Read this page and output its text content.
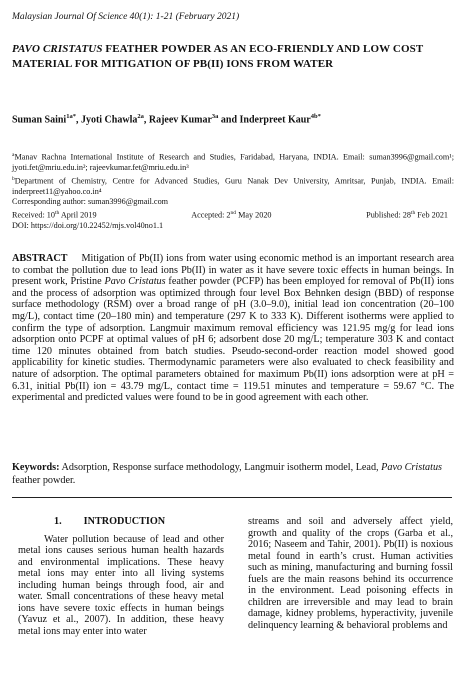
Malaysian Journal Of Science 40(1): 1-21 (February 2021)
PAVO CRISTATUS FEATHER POWDER AS AN ECO-FRIENDLY AND LOW COST MATERIAL FOR MITIGATION OF PB(II) IONS FROM WATER
Suman Saini$^{1a*}$, Jyoti Chawla$^{2a}$, Rajeev Kumar$^{3a}$ and Inderpreet Kaur$^{4b*}$
$^a$Manav Rachna International Institute of Research and Studies, Faridabad, Haryana, INDIA. Email: suman3996@gmail.com¹; jyoti.fet@mriu.edu.in²; rajeevkumar.fet@mriu.edu.in³
$^b$Department of Chemistry, Centre for Advanced Studies, Guru Nanak Dev University, Amritsar, Punjab, INDIA. Email: inderpreet11@yahoo.co.in⁴
Corresponding author: suman3996@gmail.com
Received: 10th April 2019	Accepted: 2nd May 2020	Published: 28th Feb 2021
DOI: https://doi.org/10.22452/mjs.vol40no1.1
ABSTRACT Mitigation of Pb(II) ions from water using economic method is an important research area to combat the pollution due to lead ions Pb(II) in water as it have severe toxic effects in human beings. In present work, Pristine Pavo Cristatus feather powder (PCFP) has been employed for removal of Pb(II) ions and the process of adsorption was optimized through four level Box Behnken design (BBD) of response surface methodology (RSM) over a broad range of pH (3.0–9.0), initial lead ion concentration (20–100 mg/L), contact time (20–180 min) and temperature (297 K to 333 K). Different isotherms were applied to confirm the type of adsorption. Langmuir maximum removal efficiency was 121.95 mg/g for lead ions adsorption onto PCPF at optimal values of pH 6; adsorbent dose 20 mg/L; temperature 303 K and contact time 120 minutes obtained from batch studies. Pseudo-second-order reaction model showed good applicability for kinetic studies. Thermodynamic parameters were also evaluated to check feasibility and nature of adsorption. The optimal parameters obtained for maximum Pb(II) ions adsorption were at pH = 6.31, initial Pb(II) ion = 43.79 mg/L, contact time = 119.51 minutes and temperature = 59.67 °C. The experimental and predicted values were found to be in good agreement with each other.
Keywords: Adsorption, Response surface methodology, Langmuir isotherm model, Lead, Pavo Cristatus feather powder.
1. INTRODUCTION

Water pollution because of lead and other metal ions causes serious human health hazards and environmental implications. These heavy metal ions may enter into all living systems including human beings through food, air and water. Small concentrations of these heavy metal ions have severe toxic effects in human beings (Yavuz et al., 2007). In addition, these heavy metal ions may enter into water

streams and soil and adversely affect yield, growth and quality of the crops (Garba et al., 2016; Naseem and Tahir, 2001). Pb(II) is noxious metal found in earth’s crust. Human activities such as mining, manufacturing and burning fossil fuels are the main reasons behind its occurrence in the environment. Lead poisoning effects in children are irreversible and may lead to brain damage, kidney problems, hyperactivity, juvenile delinquency learning & behavioral problems and
